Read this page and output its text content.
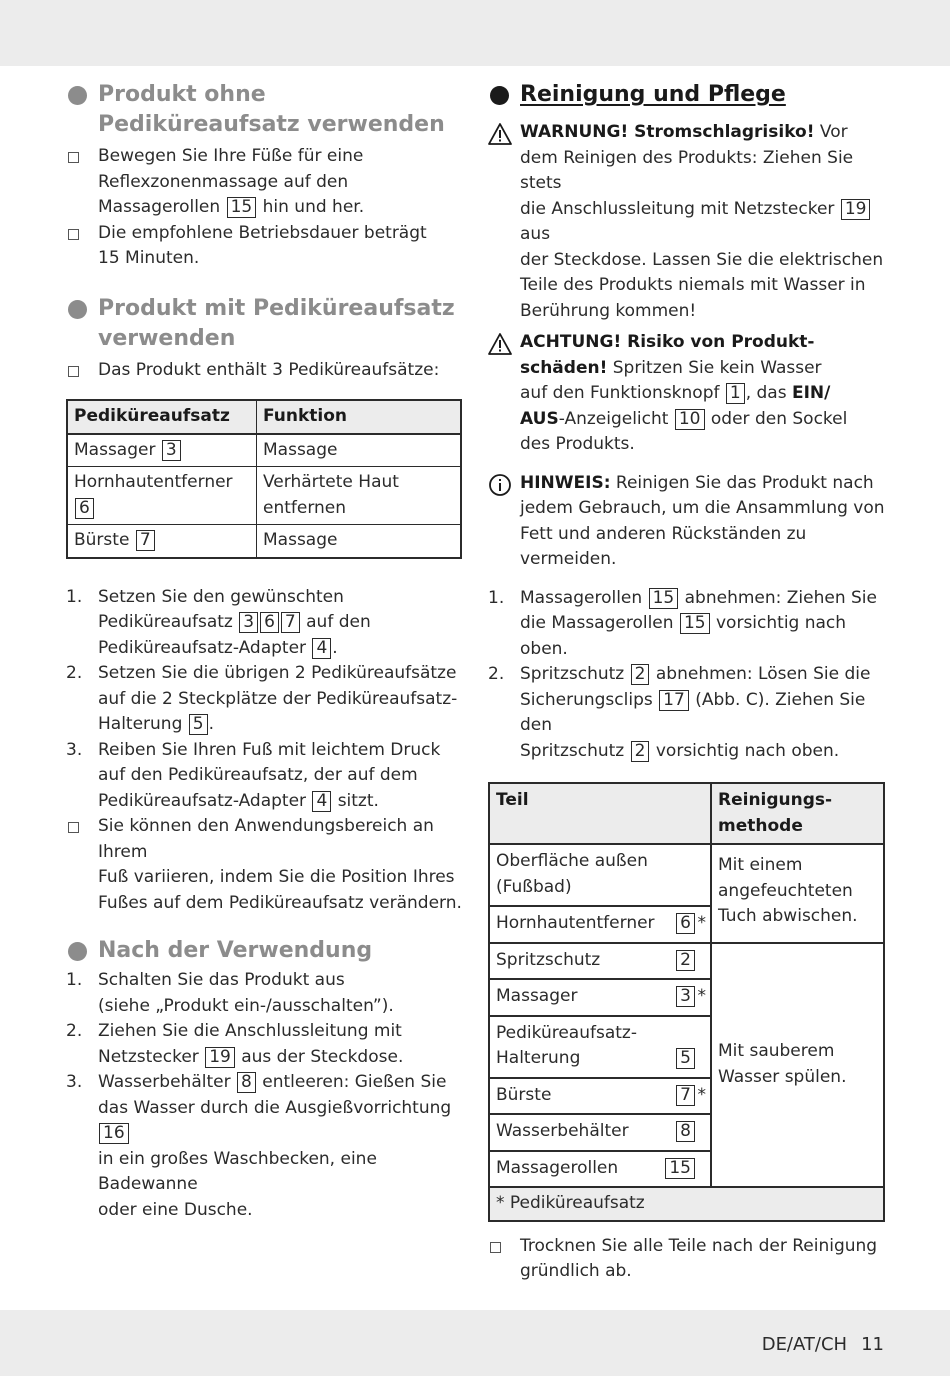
Produkt ohne
Pediküreaufsatz verwenden
Bewegen Sie Ihre Füße für eine
Reflexzonenmassage auf den
Massagerollen 15 hin und her.
Die empfohlene Betriebsdauer beträgt
15 Minuten.
Produkt mit Pediküreaufsatz
verwenden
Das Produkt enthält 3 Pediküreaufsätze:
Pediküreaufsatz	Funktion
Massager 3	Massage
Hornhautentferner 6	Verhärtete Haut
entfernen
Bürste 7	Massage
1. Setzen Sie den gewünschten
Pediküreaufsatz 3 6 7 auf den
Pediküreaufsatz-Adapter 4 .
2. Setzen Sie die übrigen 2 Pediküreaufsätze
auf die 2 Steckplätze der Pediküreaufsatz-
Halterung 5 .
3. Reiben Sie Ihren Fuß mit leichtem Druck
auf den Pediküreaufsatz, der auf dem
Pediküreaufsatz-Adapter 4 sitzt.
Sie können den Anwendungsbereich an Ihrem
Fuß variieren, indem Sie die Position Ihres
Fußes auf dem Pediküreaufsatz verändern.
Nach der Verwendung
1. Schalten Sie das Produkt aus
(siehe „Produkt ein-/ausschalten”).
2. Ziehen Sie die Anschlussleitung mit
Netzstecker 19 aus der Steckdose.
3. Wasserbehälter 8 entleeren: Gießen Sie
das Wasser durch die Ausgießvorrichtung 16
in ein großes Waschbecken, eine Badewanne
oder eine Dusche.
Reinigung und Pflege
WARNUNG! Stromschlagrisiko! Vor
dem Reinigen des Produkts: Ziehen Sie stets
die Anschlussleitung mit Netzstecker 19 aus
der Steckdose. Lassen Sie die elektrischen
Teile des Produkts niemals mit Wasser in
Berührung kommen!
ACHTUNG! Risiko von Produkt-
schäden! Spritzen Sie kein Wasser
auf den Funktionsknopf 1 , das EIN/
AUS-Anzeigelicht 10 oder den Sockel
des Produkts.
HINWEIS: Reinigen Sie das Produkt nach
jedem Gebrauch, um die Ansammlung von
Fett und anderen Rückständen zu vermeiden.
1. Massagerollen 15 abnehmen: Ziehen Sie
die Massagerollen 15 vorsichtig nach oben.
2. Spritzschutz 2 abnehmen: Lösen Sie die
Sicherungsclips 17 (Abb. C). Ziehen Sie den
Spritzschutz 2 vorsichtig nach oben.
Teil	Reinigungs-
methode

Oberfläche außen
(Fußbad)	Mit einem
angefeuchteten
Tuch abwischen.

Hornhautentferner 6 *	

Spritzschutz 2	Mit sauberem
Wasser spülen.

Massager 3 *	

Pediküreaufsatz-
Halterung 5	

Bürste 7 *	

Wasserbehälter 8	

Massagerollen 15	

* Pediküreaufsatz	
Trocknen Sie alle Teile nach der Reinigung
gründlich ab.
DE/AT/CH 11
